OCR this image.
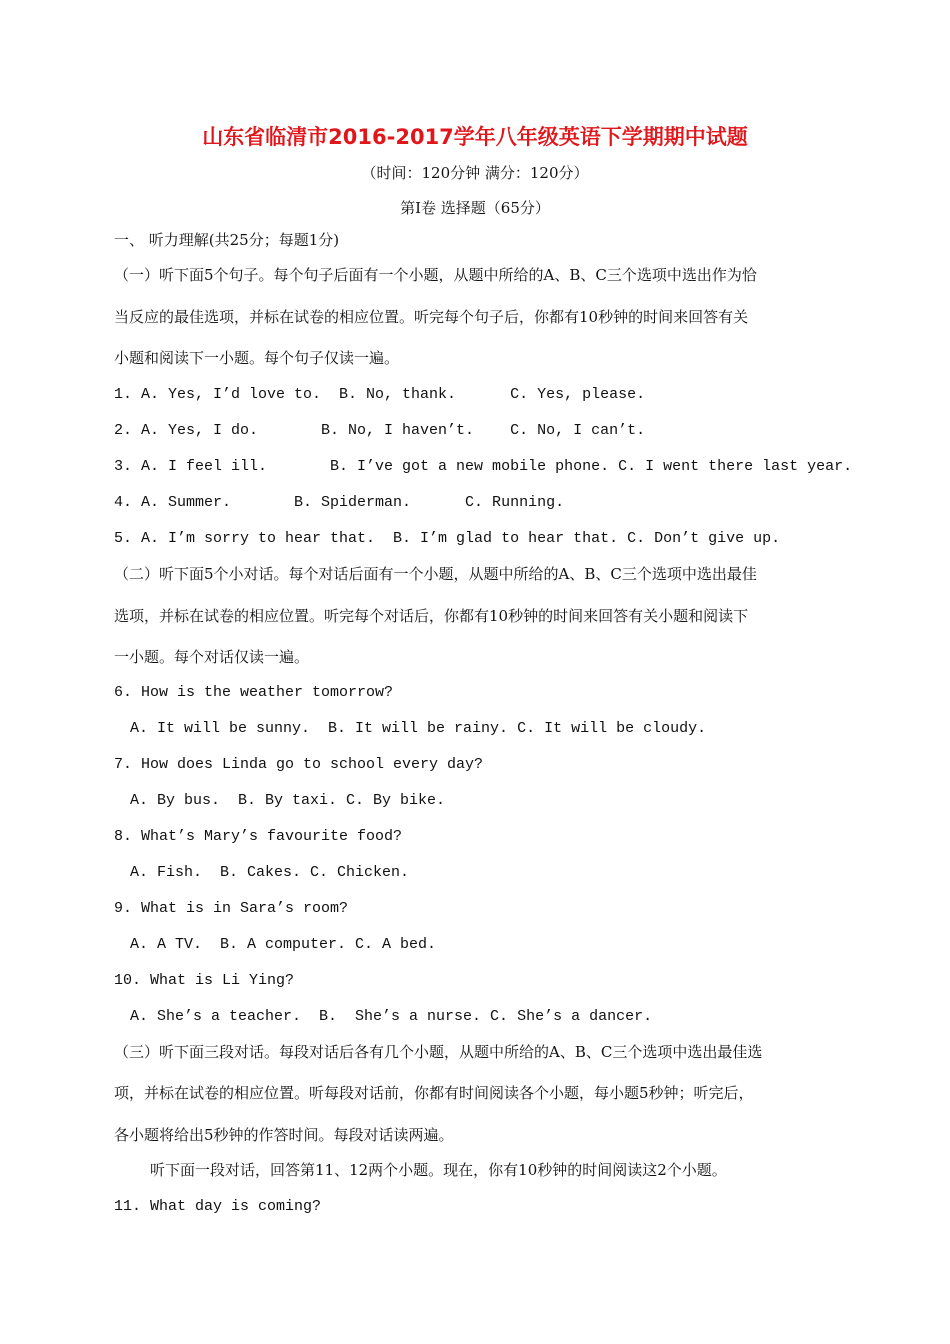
山东省临清市2016-2017学年八年级英语下学期期中试题
（时间：120分钟 满分：120分）
第Ⅰ卷 选择题（65分）
一、 听力理解(共25分；每题1分)
（一）听下面5个句子。每个句子后面有一个小题，从题中所给的A、B、C三个选项中选出作为恰
当反应的最佳选项，并标在试卷的相应位置。听完每个句子后，你都有10秒钟的时间来回答有关
小题和阅读下一小题。每个句子仅读一遍。
1. A. Yes, I’d love to.  B. No, thank.      C. Yes, please.
2. A. Yes, I do.       B. No, I haven’t.    C. No, I can’t.
3. A. I feel ill.       B. I’ve got a new mobile phone. C. I went there last year.
4. A. Summer.       B. Spiderman.      C. Running.
5. A. I’m sorry to hear that.  B. I’m glad to hear that. C. Don’t give up.
（二）听下面5个小对话。每个对话后面有一个小题，从题中所给的A、B、C三个选项中选出最佳
选项，并标在试卷的相应位置。听完每个对话后，你都有10秒钟的时间来回答有关小题和阅读下
一小题。每个对话仅读一遍。
6. How is the weather tomorrow?
A. It will be sunny.  B. It will be rainy. C. It will be cloudy.
7. How does Linda go to school every day?
A. By bus.  B. By taxi. C. By bike.
8. What’s Mary’s favourite food?
A. Fish.  B. Cakes. C. Chicken.
9. What is in Sara’s room?
A. A TV.  B. A computer. C. A bed.
10. What is Li Ying?
A. She’s a teacher.  B.  She’s a nurse. C. She’s a dancer.
（三）听下面三段对话。每段对话后各有几个小题，从题中所给的A、B、C三个选项中选出最佳选
项，并标在试卷的相应位置。听每段对话前，你都有时间阅读各个小题，每小题5秒钟；听完后，
各小题将给出5秒钟的作答时间。每段对话读两遍。
听下面一段对话，回答第11、12两个小题。现在，你有10秒钟的时间阅读这2个小题。
11. What day is coming?
